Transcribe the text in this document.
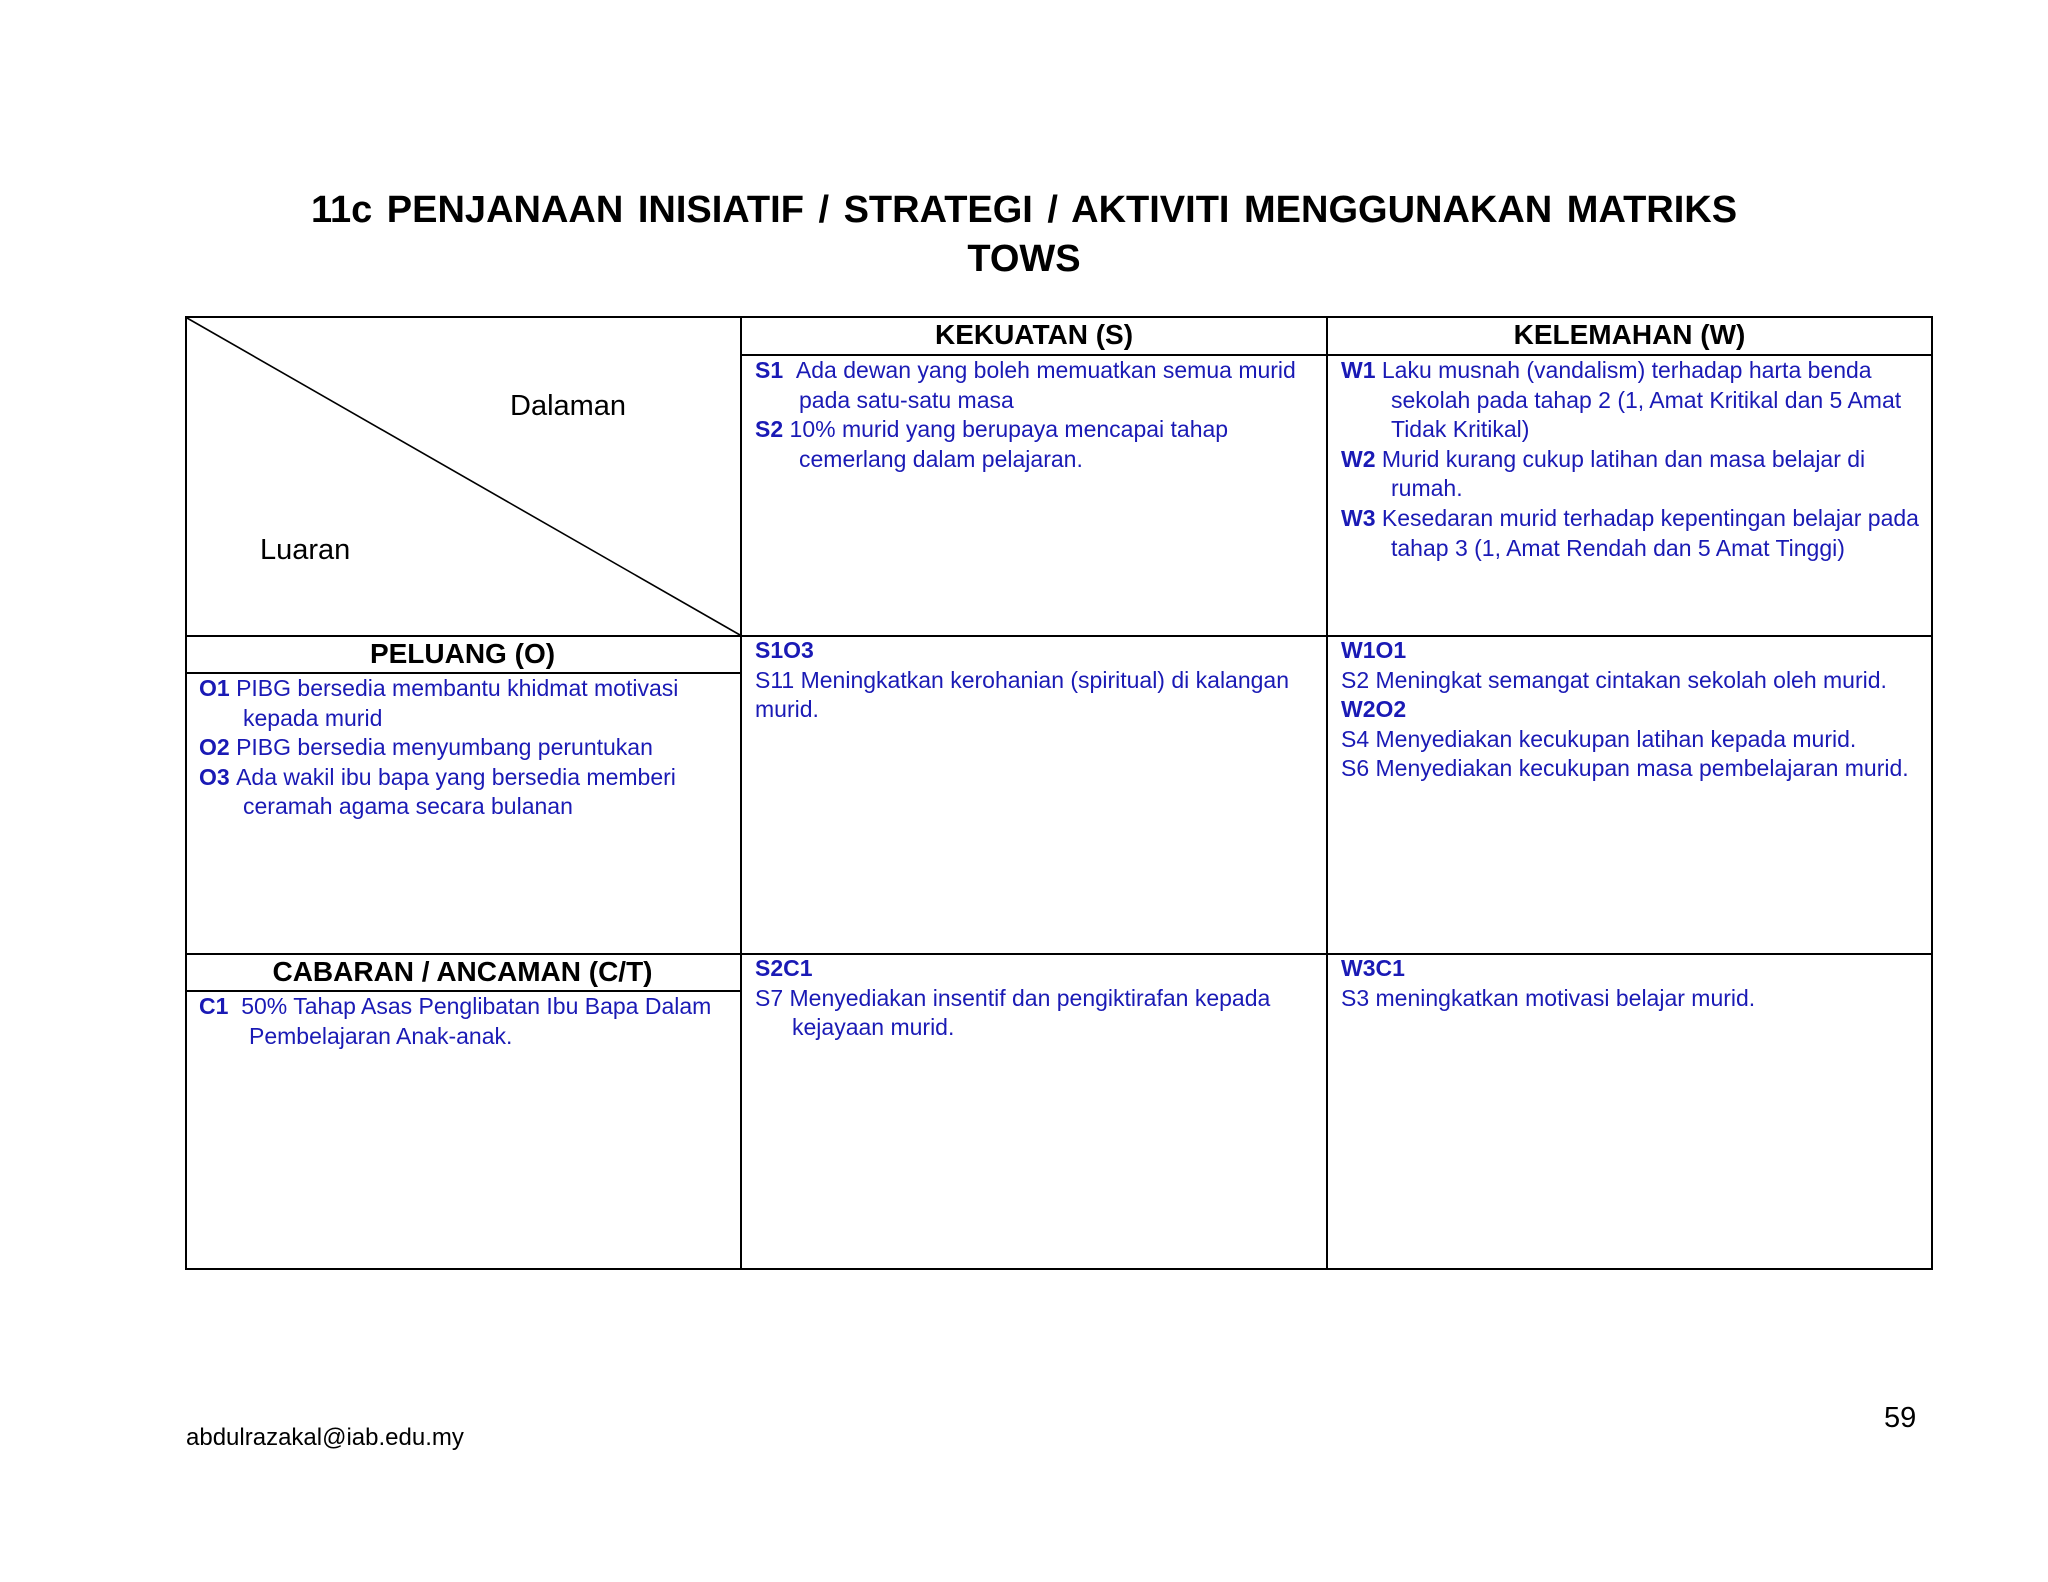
11c PENJANAAN INISIATIF / STRATEGI / AKTIVITI MENGGUNAKAN MATRIKS
TOWS
Dalaman
Luaran
KEKUATAN (S)	KELEMAHAN (W)
S1 Ada dewan yang boleh memuatkan semua murid pada satu-satu masa
S2 10% murid yang berupaya mencapai tahap cemerlang dalam pelajaran.
W1 Laku musnah (vandalism) terhadap harta benda sekolah pada tahap 2 (1, Amat Kritikal dan 5 Amat Tidak Kritikal)
W2 Murid kurang cukup latihan dan masa belajar di rumah.
W3 Kesedaran murid terhadap kepentingan belajar pada tahap 3 (1, Amat Rendah dan 5 Amat Tinggi)
PELUANG (O)
O1 PIBG bersedia membantu khidmat motivasi kepada murid
O2 PIBG bersedia menyumbang peruntukan
O3 Ada wakil ibu bapa yang bersedia memberi ceramah agama secara bulanan
CABARAN / ANCAMAN (C/T)
C1 50% Tahap Asas Penglibatan Ibu Bapa Dalam Pembelajaran Anak-anak.
S1O3
S11 Meningkatkan kerohanian (spiritual) di kalangan murid.
W1O1
S2 Meningkat semangat cintakan sekolah oleh murid.
W2O2
S4 Menyediakan kecukupan latihan kepada murid.
S6 Menyediakan kecukupan masa pembelajaran murid.
S2C1
S7 Menyediakan insentif dan pengiktirafan kepada kejayaan murid.
W3C1
S3 meningkatkan motivasi belajar murid.
abdulrazakal@iab.edu.my
59
